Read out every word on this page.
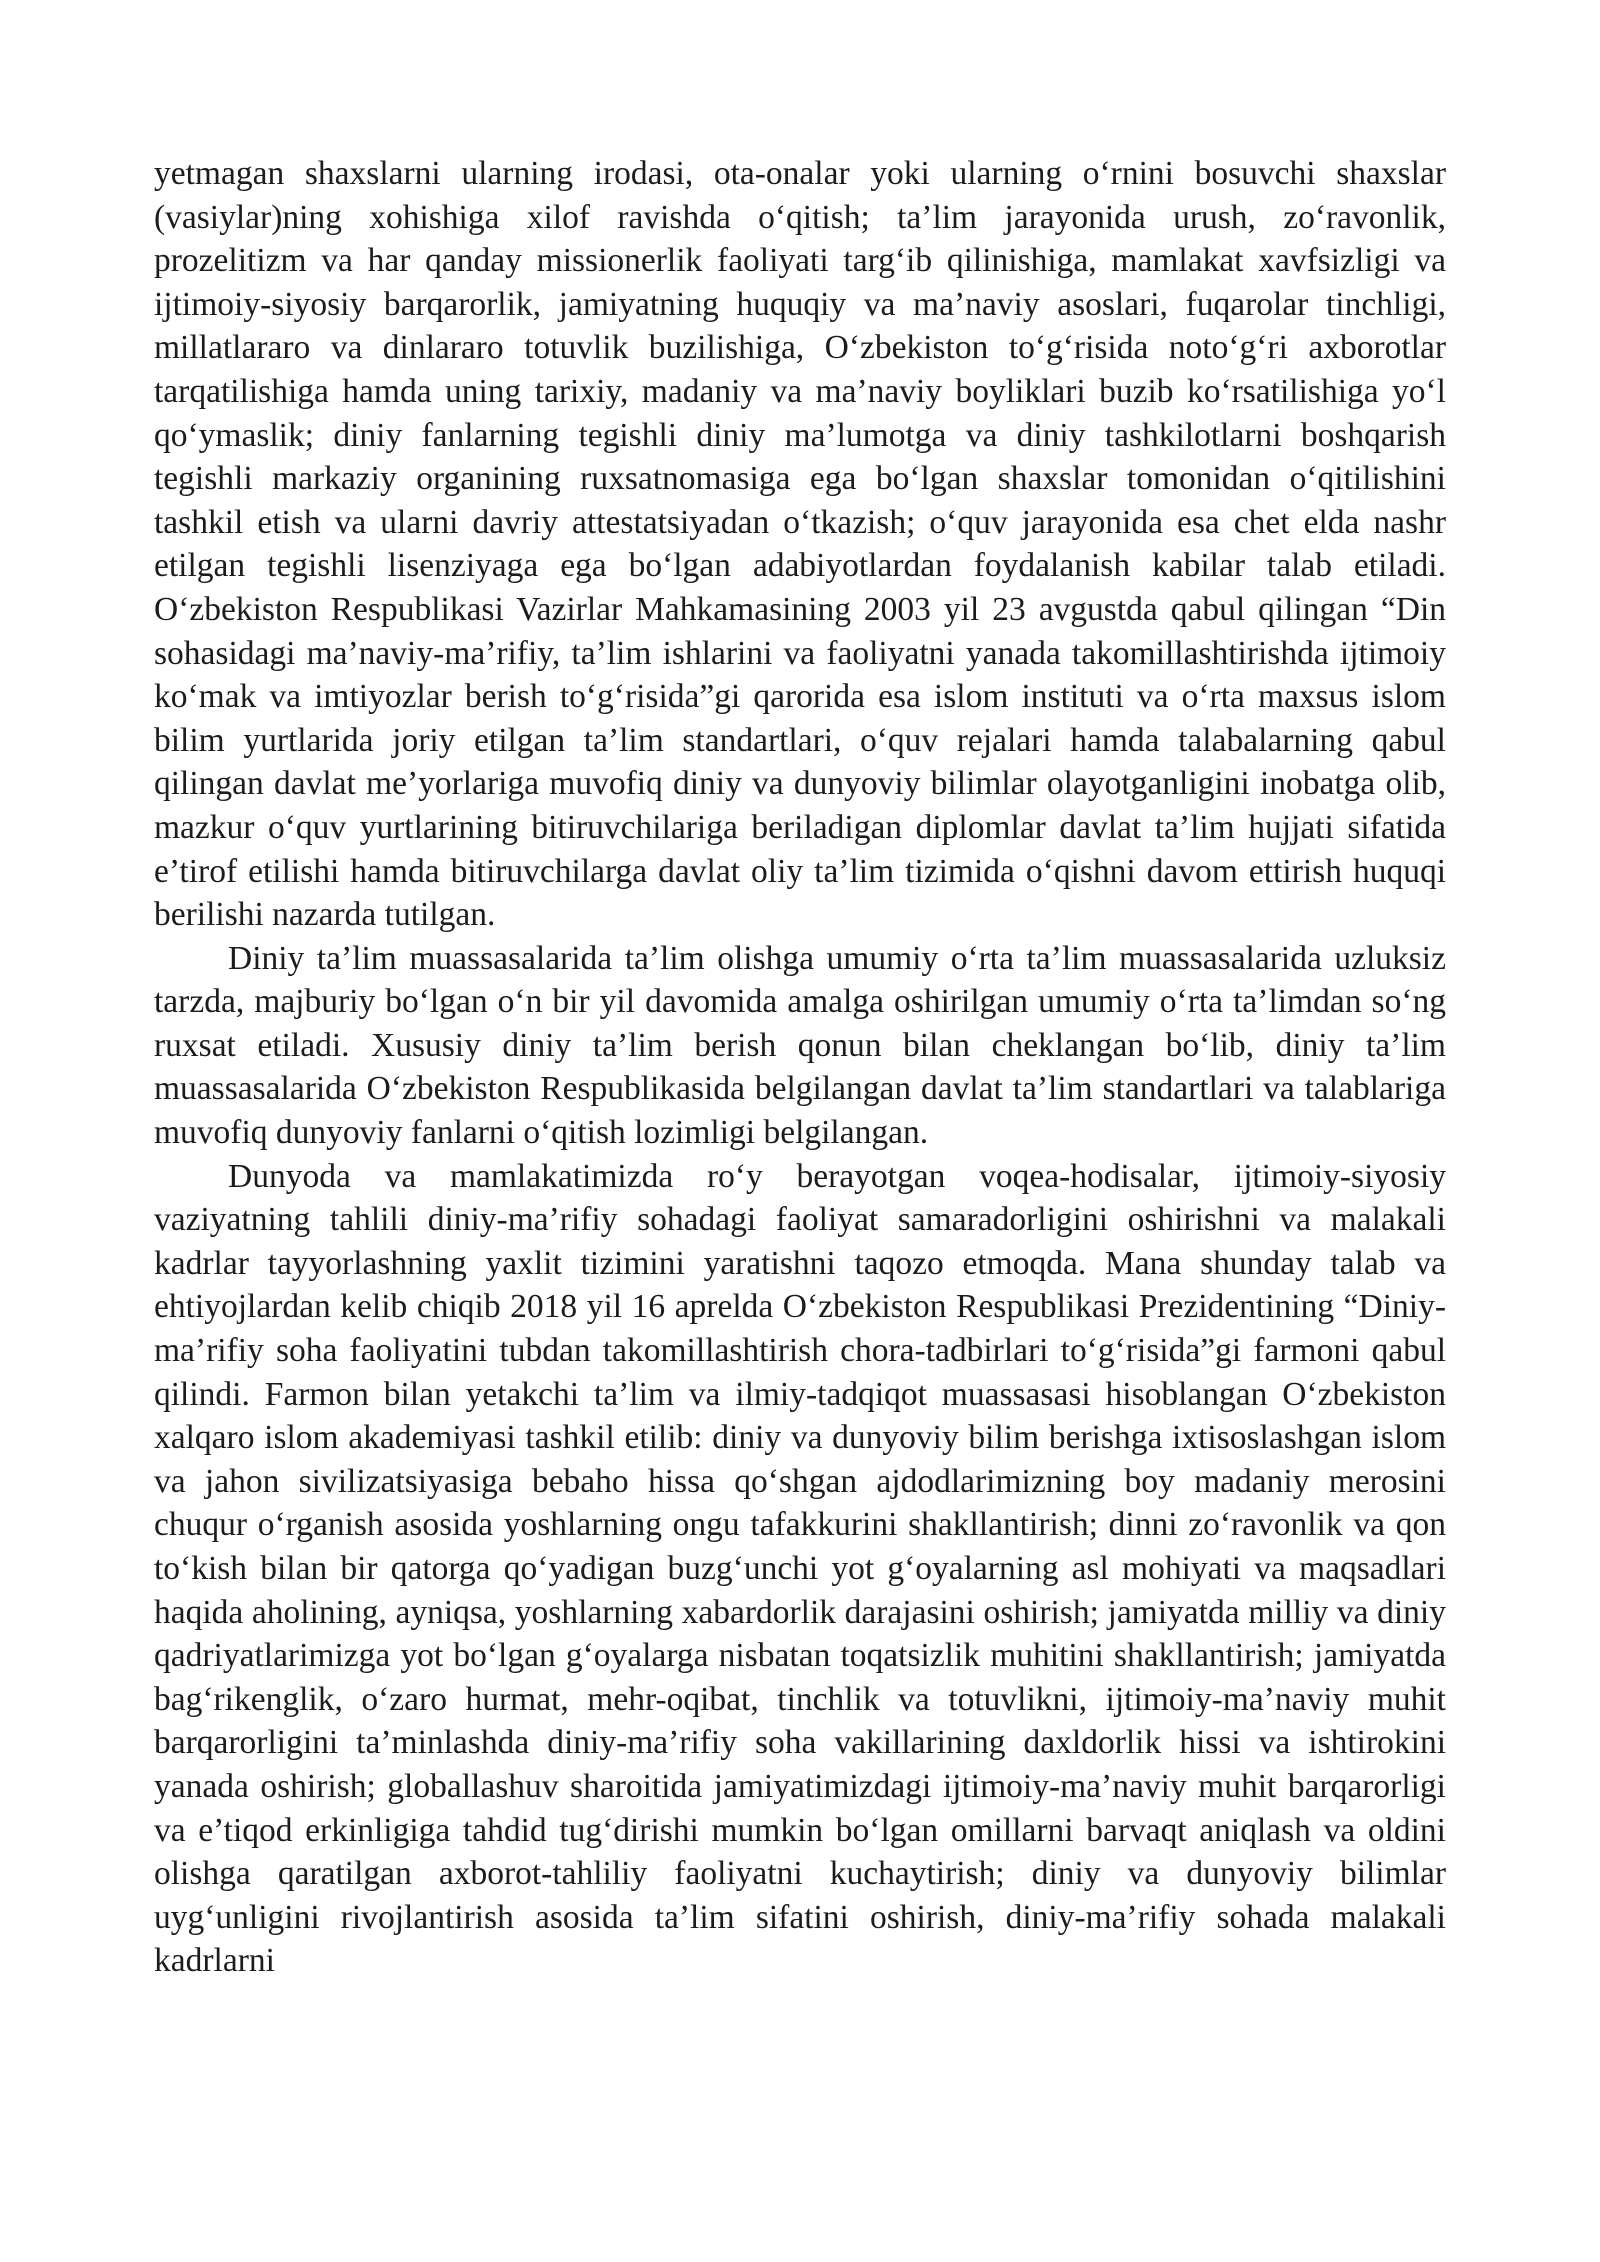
yetmagan shaxslarni ularning irodasi, ota-onalar yoki ularning o‘rnini bosuvchi shaxslar (vasiylar)ning xohishiga xilof ravishda o‘qitish; ta’lim jarayonida urush, zo‘ravonlik, prozelitizm va har qanday missionerlik faoliyati targ‘ib qilinishiga, mamlakat xavfsizligi va ijtimoiy-siyosiy barqarorlik, jamiyatning huquqiy va ma’naviy asoslari, fuqarolar tinchligi, millatlararo va dinlararo totuvlik buzilishiga, O‘zbekiston to‘g‘risida noto‘g‘ri axborotlar tarqatilishiga hamda uning tarixiy, madaniy va ma’naviy boyliklari buzib ko‘rsatilishiga yo‘l qo‘ymaslik; diniy fanlarning tegishli diniy ma’lumotga va diniy tashkilotlarni boshqarish tegishli markaziy organining ruxsatnomasiga ega bo‘lgan shaxslar tomonidan o‘qitilishini tashkil etish va ularni davriy attestatsiyadan o‘tkazish; o‘quv jarayonida esa chet elda nashr etilgan tegishli lisenziyaga ega bo‘lgan adabiyotlardan foydalanish kabilar talab etiladi. O‘zbekiston Respublikasi Vazirlar Mahkamasining 2003 yil 23 avgustda qabul qilingan “Din sohasidagi ma’naviy-ma’rifiy, ta’lim ishlarini va faoliyatni yanada takomillashtirishda ijtimoiy ko‘mak va imtiyozlar berish to‘g‘risida”gi qarorida esa islom instituti va o‘rta maxsus islom bilim yurtlarida joriy etilgan ta’lim standartlari, o‘quv rejalari hamda talabalarning qabul qilingan davlat me’yorlariga muvofiq diniy va dunyoviy bilimlar olayotganligini inobatga olib, mazkur o‘quv yurtlarining bitiruvchilariga beriladigan diplomlar davlat ta’lim hujjati sifatida e’tirof etilishi hamda bitiruvchilarga davlat oliy ta’lim tizimida o‘qishni davom ettirish huquqi berilishi nazarda tutilgan.

Diniy ta’lim muassasalarida ta’lim olishga umumiy o‘rta ta’lim muassasalarida uzluksiz tarzda, majburiy bo‘lgan o‘n bir yil davomida amalga oshirilgan umumiy o‘rta ta’limdan so‘ng ruxsat etiladi. Xususiy diniy ta’lim berish qonun bilan cheklangan bo‘lib, diniy ta’lim muassasalarida O‘zbekiston Respublikasida belgilangan davlat ta’lim standartlari va talablariga muvofiq dunyoviy fanlarni o‘qitish lozimligi belgilangan.

Dunyoda va mamlakatimizda ro‘y berayotgan voqea-hodisalar, ijtimoiy-siyosiy vaziyatning tahlili diniy-ma’rifiy sohadagi faoliyat samaradorligini oshirishni va malakali kadrlar tayyorlashning yaxlit tizimini yaratishni taqozo etmoqda. Mana shunday talab va ehtiyojlardan kelib chiqib 2018 yil 16 aprelda O‘zbekiston Respublikasi Prezidentining “Diniy-ma’rifiy soha faoliyatini tubdan takomillashtirish chora-tadbirlari to‘g‘risida”gi farmoni qabul qilindi. Farmon bilan yetakchi ta’lim va ilmiy-tadqiqot muassasasi hisoblangan O‘zbekiston xalqaro islom akademiyasi tashkil etilib: diniy va dunyoviy bilim berishga ixtisoslashgan islom va jahon sivilizatsiyasiga bebaho hissa qo‘shgan ajdodlarimizning boy madaniy merosini chuqur o‘rganish asosida yoshlarning ongu tafakkurini shakllantirish; dinni zo‘ravonlik va qon to‘kish bilan bir qatorga qo‘yadigan buzg‘unchi yot g‘oyalarning asl mohiyati va maqsadlari haqida aholining, ayniqsa, yoshlarning xabardorlik darajasini oshirish; jamiyatda milliy va diniy qadriyatlarimizga yot bo‘lgan g‘oyalarga nisbatan toqatsizlik muhitini shakllantirish; jamiyatda bag‘rikenglik, o‘zaro hurmat, mehr-oqibat, tinchlik va totuvlikni, ijtimoiy-ma’naviy muhit barqarorligini ta’minlashda diniy-ma’rifiy soha vakillarining daxldorlik hissi va ishtirokini yanada oshirish; globallashuv sharoitida jamiyatimizdagi ijtimoiy-ma’naviy muhit barqarorligi va e’tiqod erkinligiga tahdid tug‘dirishi mumkin bo‘lgan omillarni barvaqt aniqlash va oldini olishga qaratilgan axborot-tahliliy faoliyatni kuchaytirish; diniy va dunyoviy bilimlar uyg‘unligini rivojlantirish asosida ta’lim sifatini oshirish, diniy-ma’rifiy sohada malakali kadrlarni
